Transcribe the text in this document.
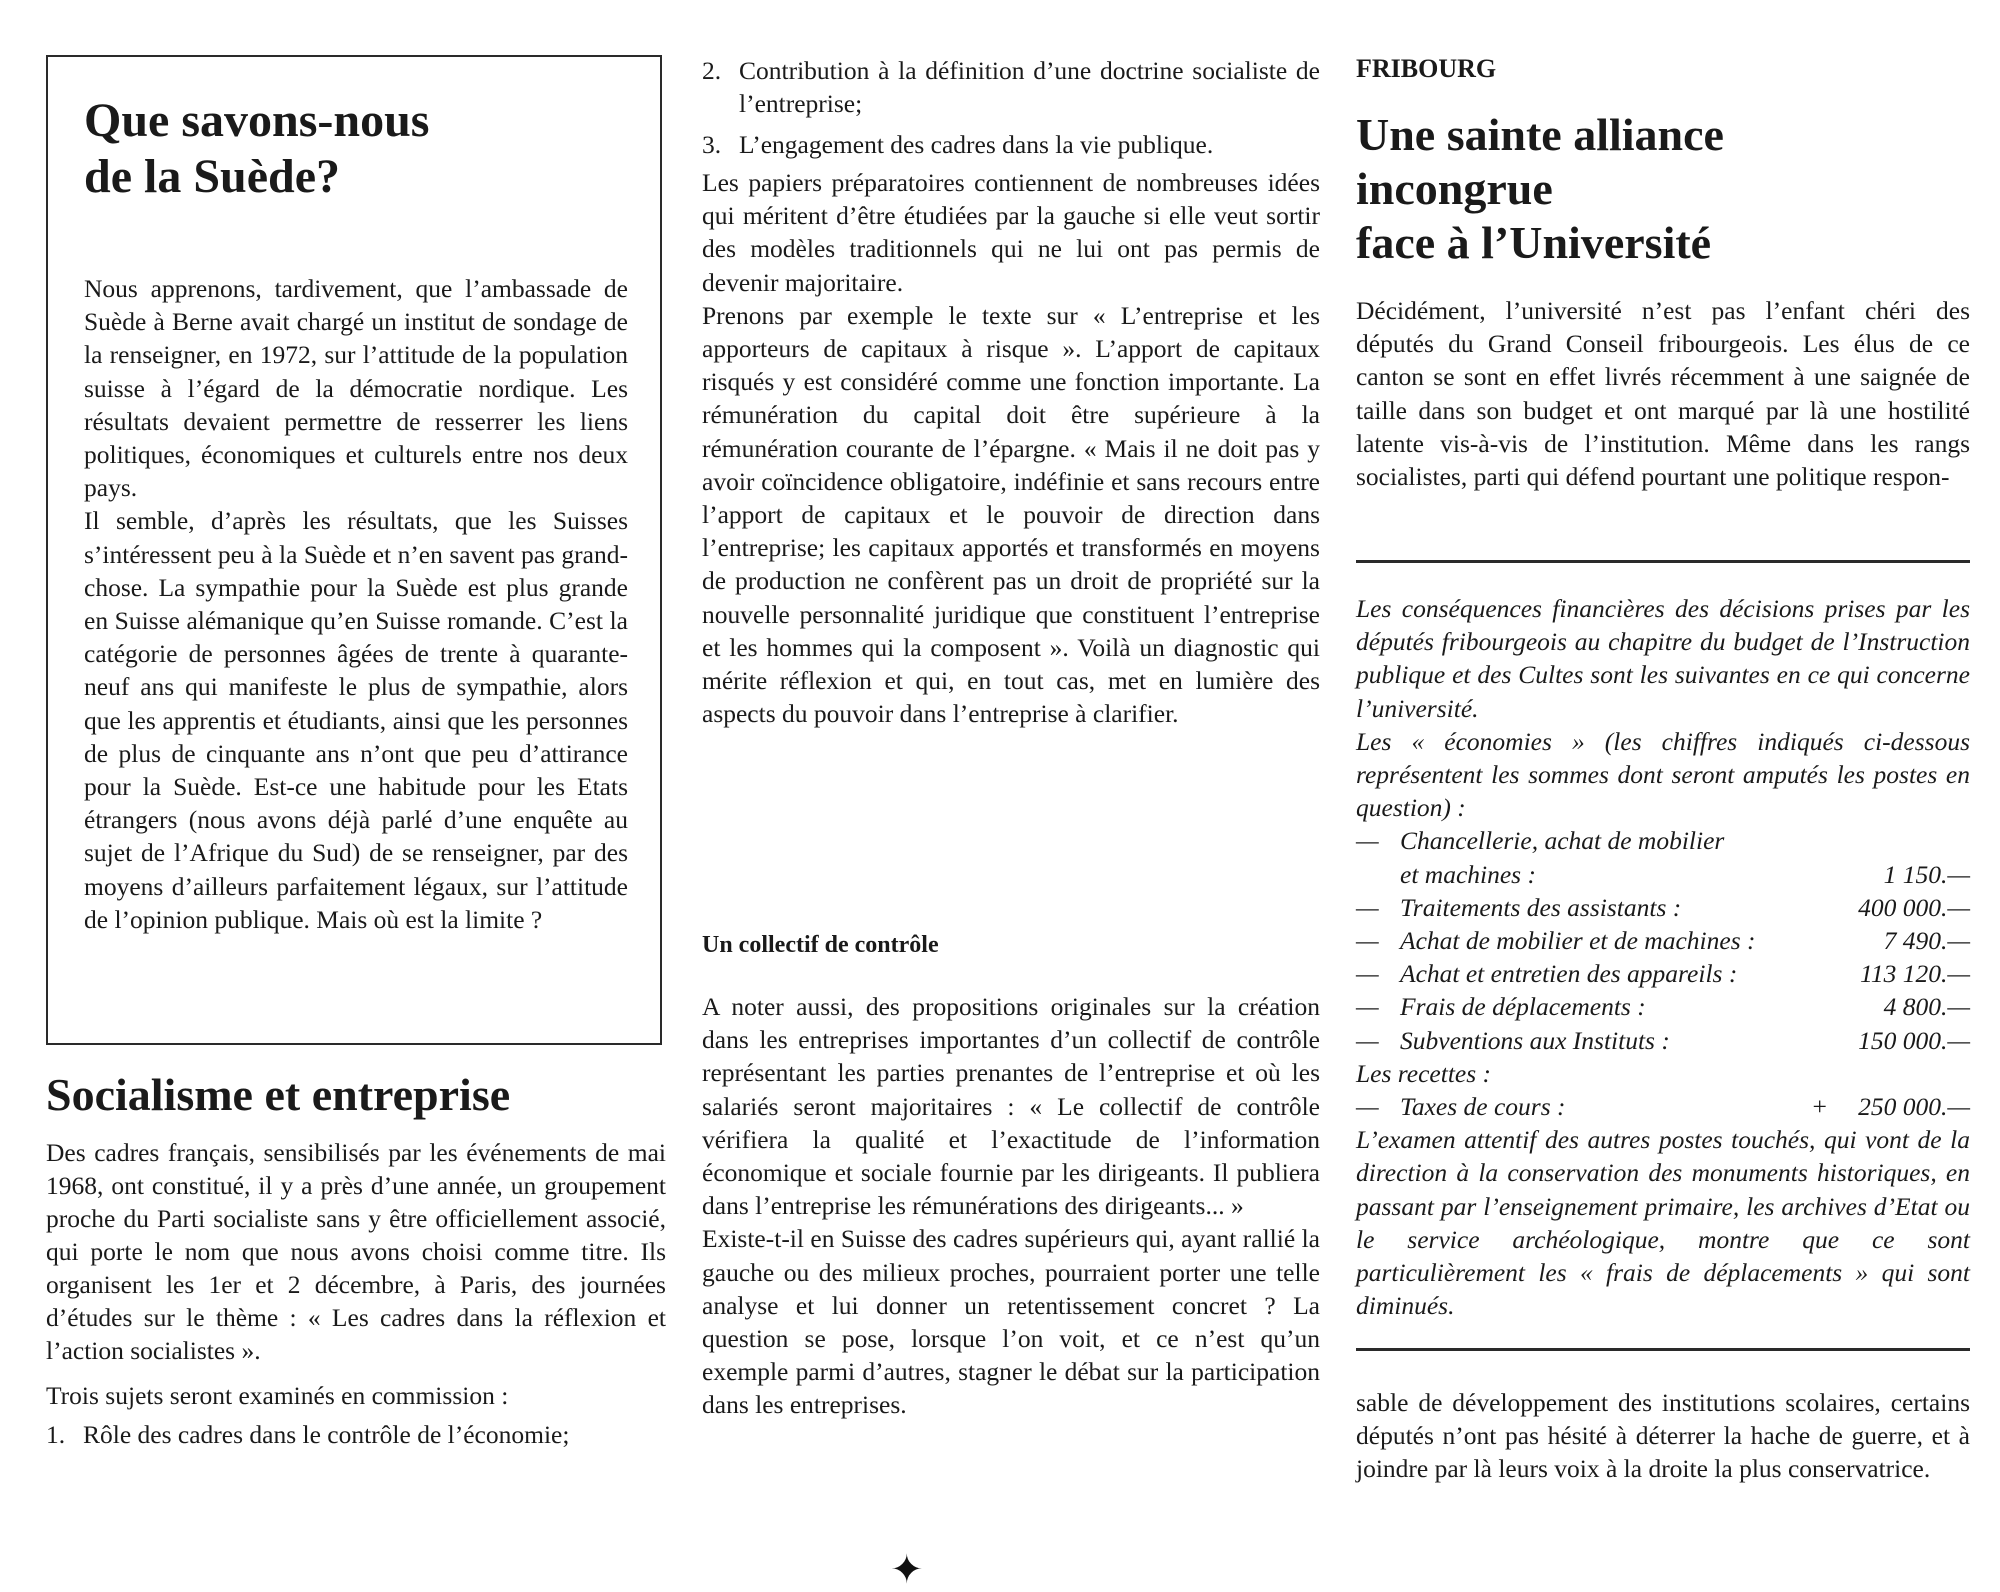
Que savons-nous
de la Suède?

Nous apprenons, tardivement, que l’ambassade de Suède à Berne avait chargé un institut de sondage de la renseigner, en 1972, sur l’attitude de la population suisse à l’égard de la démocratie nordique. Les résultats devaient permettre de resserrer les liens politiques, économiques et culturels entre nos deux pays.

Il semble, d’après les résultats, que les Suisses s’intéressent peu à la Suède et n’en savent pas grand-chose. La sympathie pour la Suède est plus grande en Suisse alémanique qu’en Suisse romande. C’est la catégorie de personnes âgées de trente à quarante-neuf ans qui manifeste le plus de sympathie, alors que les apprentis et étudiants, ainsi que les personnes de plus de cinquante ans n’ont que peu d’attirance pour la Suède. Est-ce une habitude pour les Etats étrangers (nous avons déjà parlé d’une enquête au sujet de l’Afrique du Sud) de se renseigner, par des moyens d’ailleurs parfaitement légaux, sur l’attitude de l’opinion publique. Mais où est la limite ?

Socialisme et entreprise

Des cadres français, sensibilisés par les événements de mai 1968, ont constitué, il y a près d’une année, un groupement proche du Parti socialiste sans y être officiellement associé, qui porte le nom que nous avons choisi comme titre. Ils organisent les 1er et 2 décembre, à Paris, des journées d’études sur le thème : « Les cadres dans la réflexion et l’action socialistes ».

Trois sujets seront examinés en commission :

1. Rôle des cadres dans le contrôle de l’économie;
2. Contribution à la définition d’une doctrine socialiste de l’entreprise;
3. L’engagement des cadres dans la vie publique.

Les papiers préparatoires contiennent de nombreuses idées qui méritent d’être étudiées par la gauche si elle veut sortir des modèles traditionnels qui ne lui ont pas permis de devenir majoritaire.

Prenons par exemple le texte sur « L’entreprise et les apporteurs de capitaux à risque ». L’apport de capitaux risqués y est considéré comme une fonction importante. La rémunération du capital doit être supérieure à la rémunération courante de l’épargne. « Mais il ne doit pas y avoir coïncidence obligatoire, indéfinie et sans recours entre l’apport de capitaux et le pouvoir de direction dans l’entreprise; les capitaux apportés et transformés en moyens de production ne confèrent pas un droit de propriété sur la nouvelle personnalité juridique que constituent l’entreprise et les hommes qui la composent ». Voilà un diagnostic qui mérite réflexion et qui, en tout cas, met en lumière des aspects du pouvoir dans l’entreprise à clarifier.

Un collectif de contrôle

A noter aussi, des propositions originales sur la création dans les entreprises importantes d’un collectif de contrôle représentant les parties prenantes de l’entreprise et où les salariés seront majoritaires : « Le collectif de contrôle vérifiera la qualité et l’exactitude de l’information économique et sociale fournie par les dirigeants. Il publiera dans l’entreprise les rémunérations des dirigeants... »

Existe-t-il en Suisse des cadres supérieurs qui, ayant rallié la gauche ou des milieux proches, pourraient porter une telle analyse et lui donner un retentissement concret ? La question se pose, lorsque l’on voit, et ce n’est qu’un exemple parmi d’autres, stagner le débat sur la participation dans les entreprises.

FRIBOURG
Une sainte alliance
incongrue
face à l’Université

Décidément, l’université n’est pas l’enfant chéri des députés du Grand Conseil fribourgeois. Les élus de ce canton se sont en effet livrés récemment à une saignée de taille dans son budget et ont marqué par là une hostilité latente vis-à-vis de l’institution. Même dans les rangs socialistes, parti qui défend pourtant une politique respon-

Les conséquences financières des décisions prises par les députés fribourgeois au chapitre du budget de l’Instruction publique et des Cultes sont les suivantes en ce qui concerne l’université.

Les « économies » (les chiffres indiqués ci-dessous représentent les sommes dont seront amputés les postes en question) :

— Chancellerie, achat de mobilier
et machines :	1 150.—
— Traitements des assistants :	400 000.—
— Achat de mobilier et de machines :	7 490.—
— Achat et entretien des appareils :	113 120.—
— Frais de déplacements :	4 800.—
— Subventions aux Instituts :	150 000.—

Les recettes :

— Taxes de cours :	+ 250 000.—

L’examen attentif des autres postes touchés, qui vont de la direction à la conservation des monuments historiques, en passant par l’enseignement primaire, les archives d’Etat ou le service archéologique, montre que ce sont particulièrement les « frais de déplacements » qui sont diminués.

sable de développement des institutions scolaires, certains députés n’ont pas hésité à déterrer la hache de guerre, et à joindre par là leurs voix à la droite la plus conservatrice.

✦
